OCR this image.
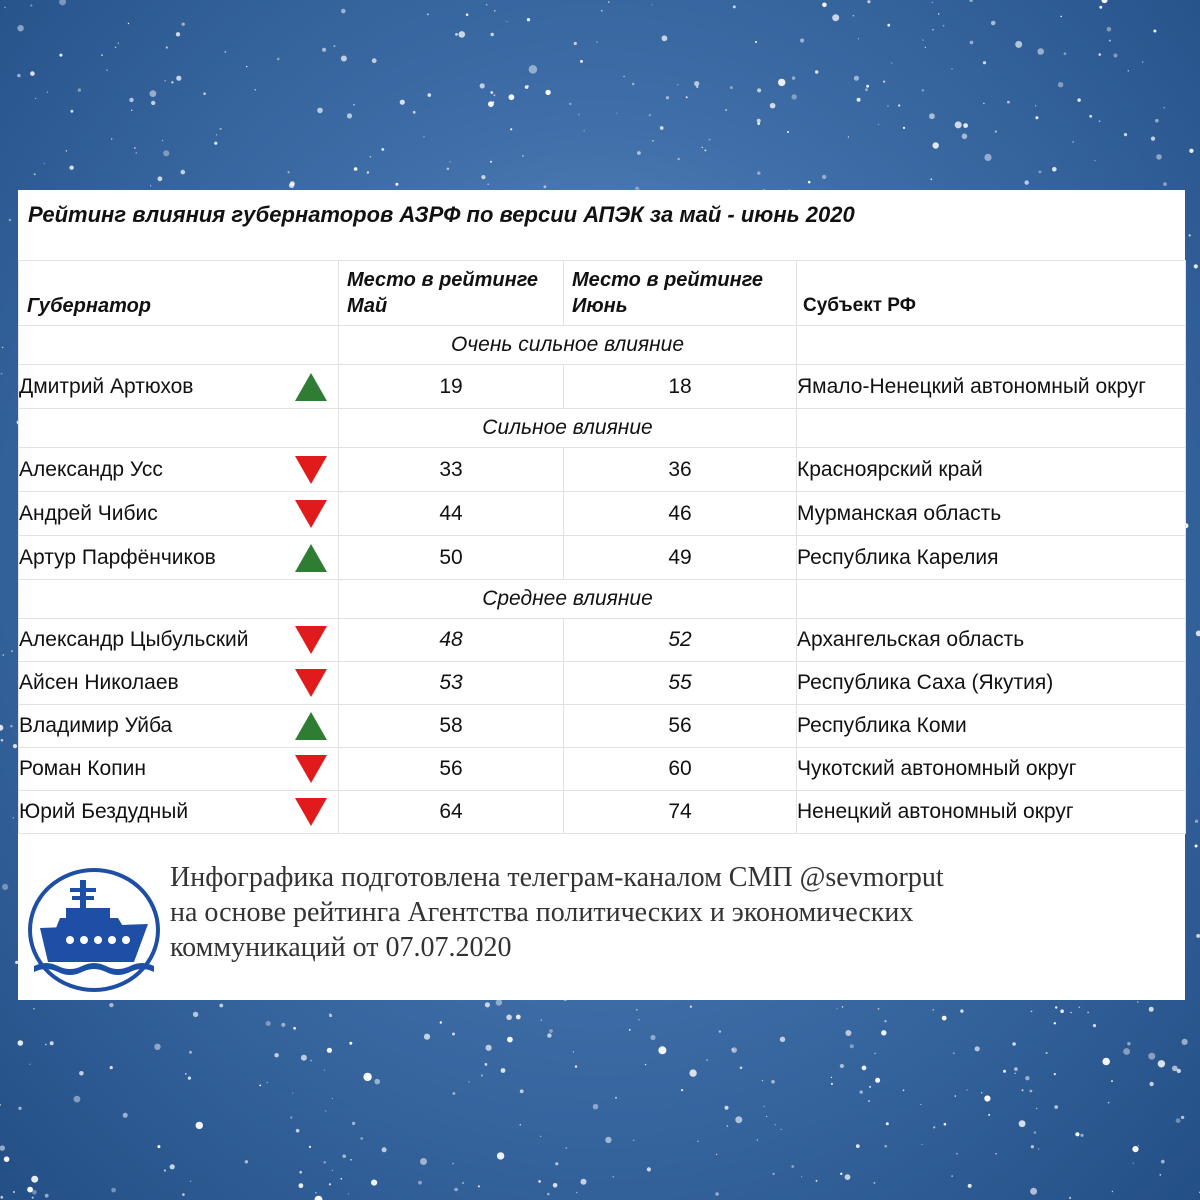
Рейтинг влияния губернаторов АЗРФ по версии АПЭК за май - июнь 2020
Губернатор	Место в рейтинге Май	Место в рейтинге Июнь	Субъект РФ
	Очень сильное влияние		
Дмитрий Артюхов	19	18	Ямало-Ненецкий автономный округ
	Сильное влияние		
Александр Усс	33	36	Красноярский край
Андрей Чибис	44	46	Мурманская область
Артур Парфёнчиков	50	49	Республика Карелия
	Среднее влияние		
Александр Цыбульский	48	52	Архангельская область
Айсен Николаев	53	55	Республика Саха (Якутия)
Владимир Уйба	58	56	Республика Коми
Роман Копин	56	60	Чукотский автономный округ
Юрий Бездудный	64	74	Ненецкий автономный округ
Инфографика подготовлена телеграм-каналом СМП @sevmorput
на основе рейтинга Агентства политических и экономических
коммуникаций от 07.07.2020
